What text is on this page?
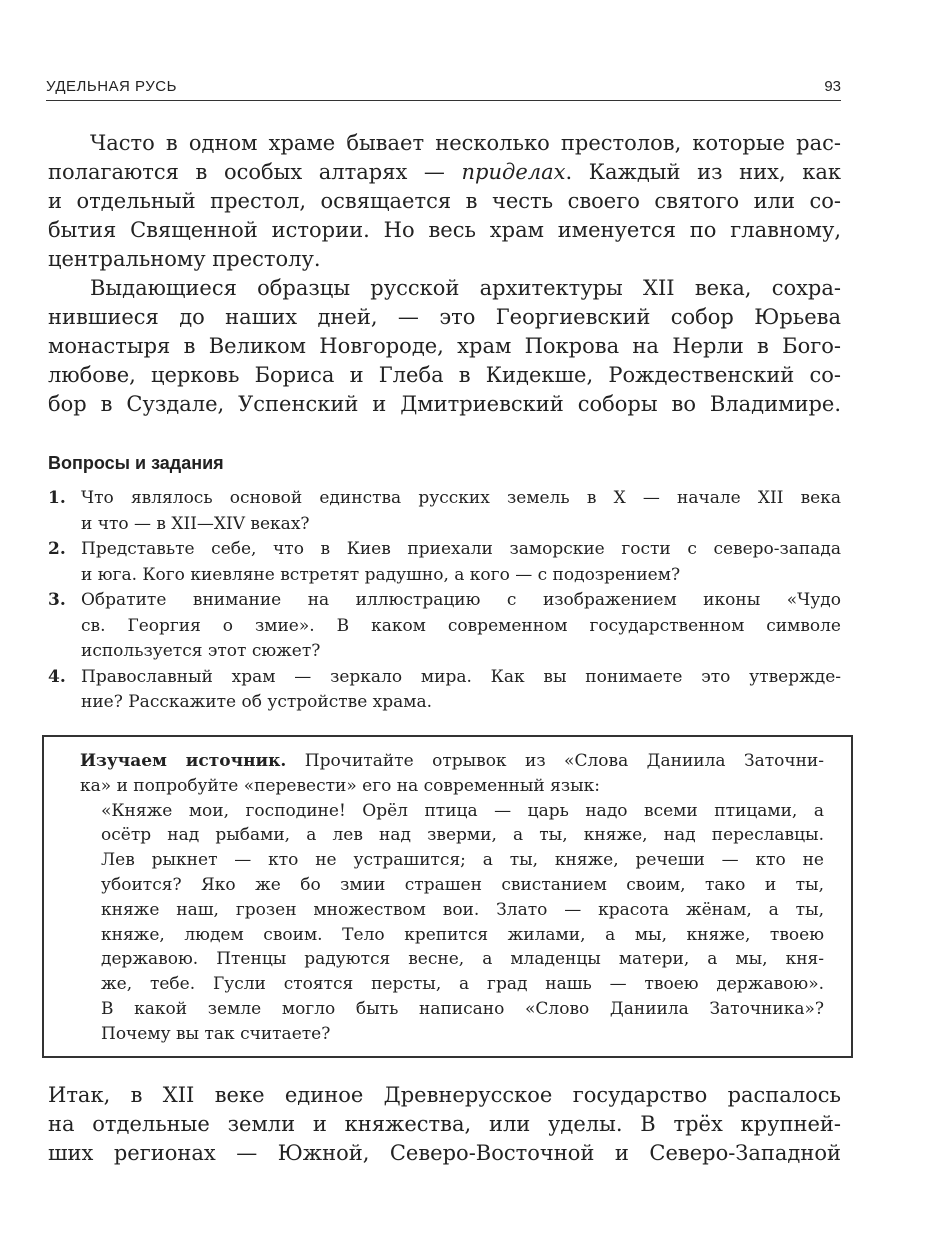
УДЕЛЬНАЯ РУСЬ	93
Часто в одном храме бывает несколько престолов, которые рас-
полагаются в особых алтарях — приделах. Каждый из них, как
и отдельный престол, освящается в честь своего святого или со-
бытия Священной истории. Но весь храм именуется по главному,
центральному престолу.
Выдающиеся образцы русской архитектуры XII века, сохра-
нившиеся до наших дней, — это Георгиевский собор Юрьева
монастыря в Великом Новгороде, храм Покрова на Нерли в Бого-
любове, церковь Бориса и Глеба в Кидекше, Рождественский со-
бор в Суздале, Успенский и Дмитриевский соборы во Владимире.
Вопросы и задания
1. Что являлось основой единства русских земель в X — начале XII века
и что — в XII—XIV веках?
2. Представьте себе, что в Киев приехали заморские гости с северо-запада
и юга. Кого киевляне встретят радушно, а кого — с подозрением?
3. Обратите внимание на иллюстрацию с изображением иконы «Чудо
св. Георгия о змие». В каком современном государственном символе
используется этот сюжет?
4. Православный храм — зеркало мира. Как вы понимаете это утвержде-
ние? Расскажите об устройстве храма.
Изучаем источник. Прочитайте отрывок из «Слова Даниила Заточни-
ка» и попробуйте «перевести» его на современный язык:
«Княже мои, господине! Орёл птица — царь надо всеми птицами, а
осётр над рыбами, а лев над зверми, а ты, княже, над переславцы.
Лев рыкнет — кто не устрашится; а ты, княже, речеши — кто не
убоится? Яко же бо змии страшен свистанием своим, тако и ты,
княже наш, грозен множеством вои. Злато — красота жёнам, а ты,
княже, людем своим. Тело крепится жилами, а мы, княже, твоею
державою. Птенцы радуются весне, а младенцы матери, а мы, кня-
же, тебе. Гусли стоятся персты, а град нашь — твоею державою».
В какой земле могло быть написано «Слово Даниила Заточника»?
Почему вы так считаете?
Итак, в XII веке единое Древнерусское государство распалось
на отдельные земли и княжества, или уделы. В трёх крупней-
ших регионах — Южной, Северо-Восточной и Северо-Западной
